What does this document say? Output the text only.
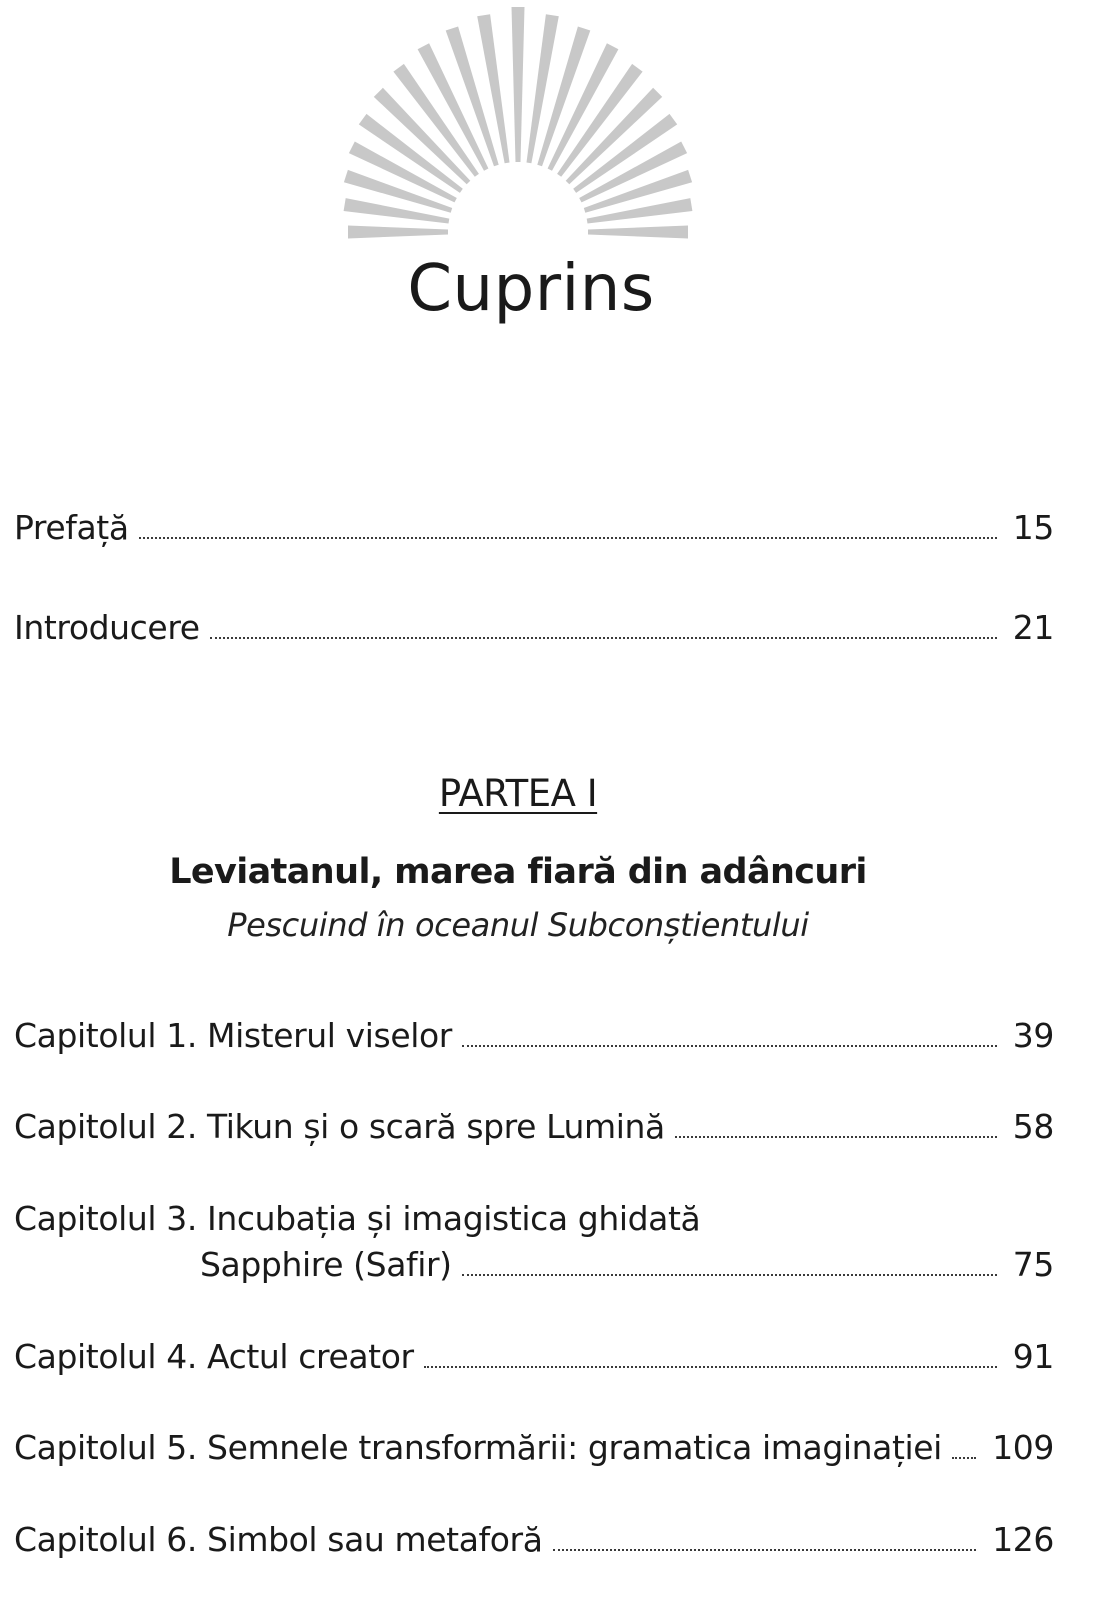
Cuprins
Prefață	15
Introducere	21
PARTEA I
Leviatanul, marea fiară din adâncuri
Pescuind în oceanul Subconștientului
Capitolul 1. Misterul viselor	39
Capitolul 2. Tikun și o scară spre Lumină	58
Capitolul 3. Incubația și imagistica ghidată
Sapphire (Safir)	75
Capitolul 4. Actul creator	91
Capitolul 5. Semnele transformării: gramatica imaginației	109
Capitolul 6. Simbol sau metaforă	126
